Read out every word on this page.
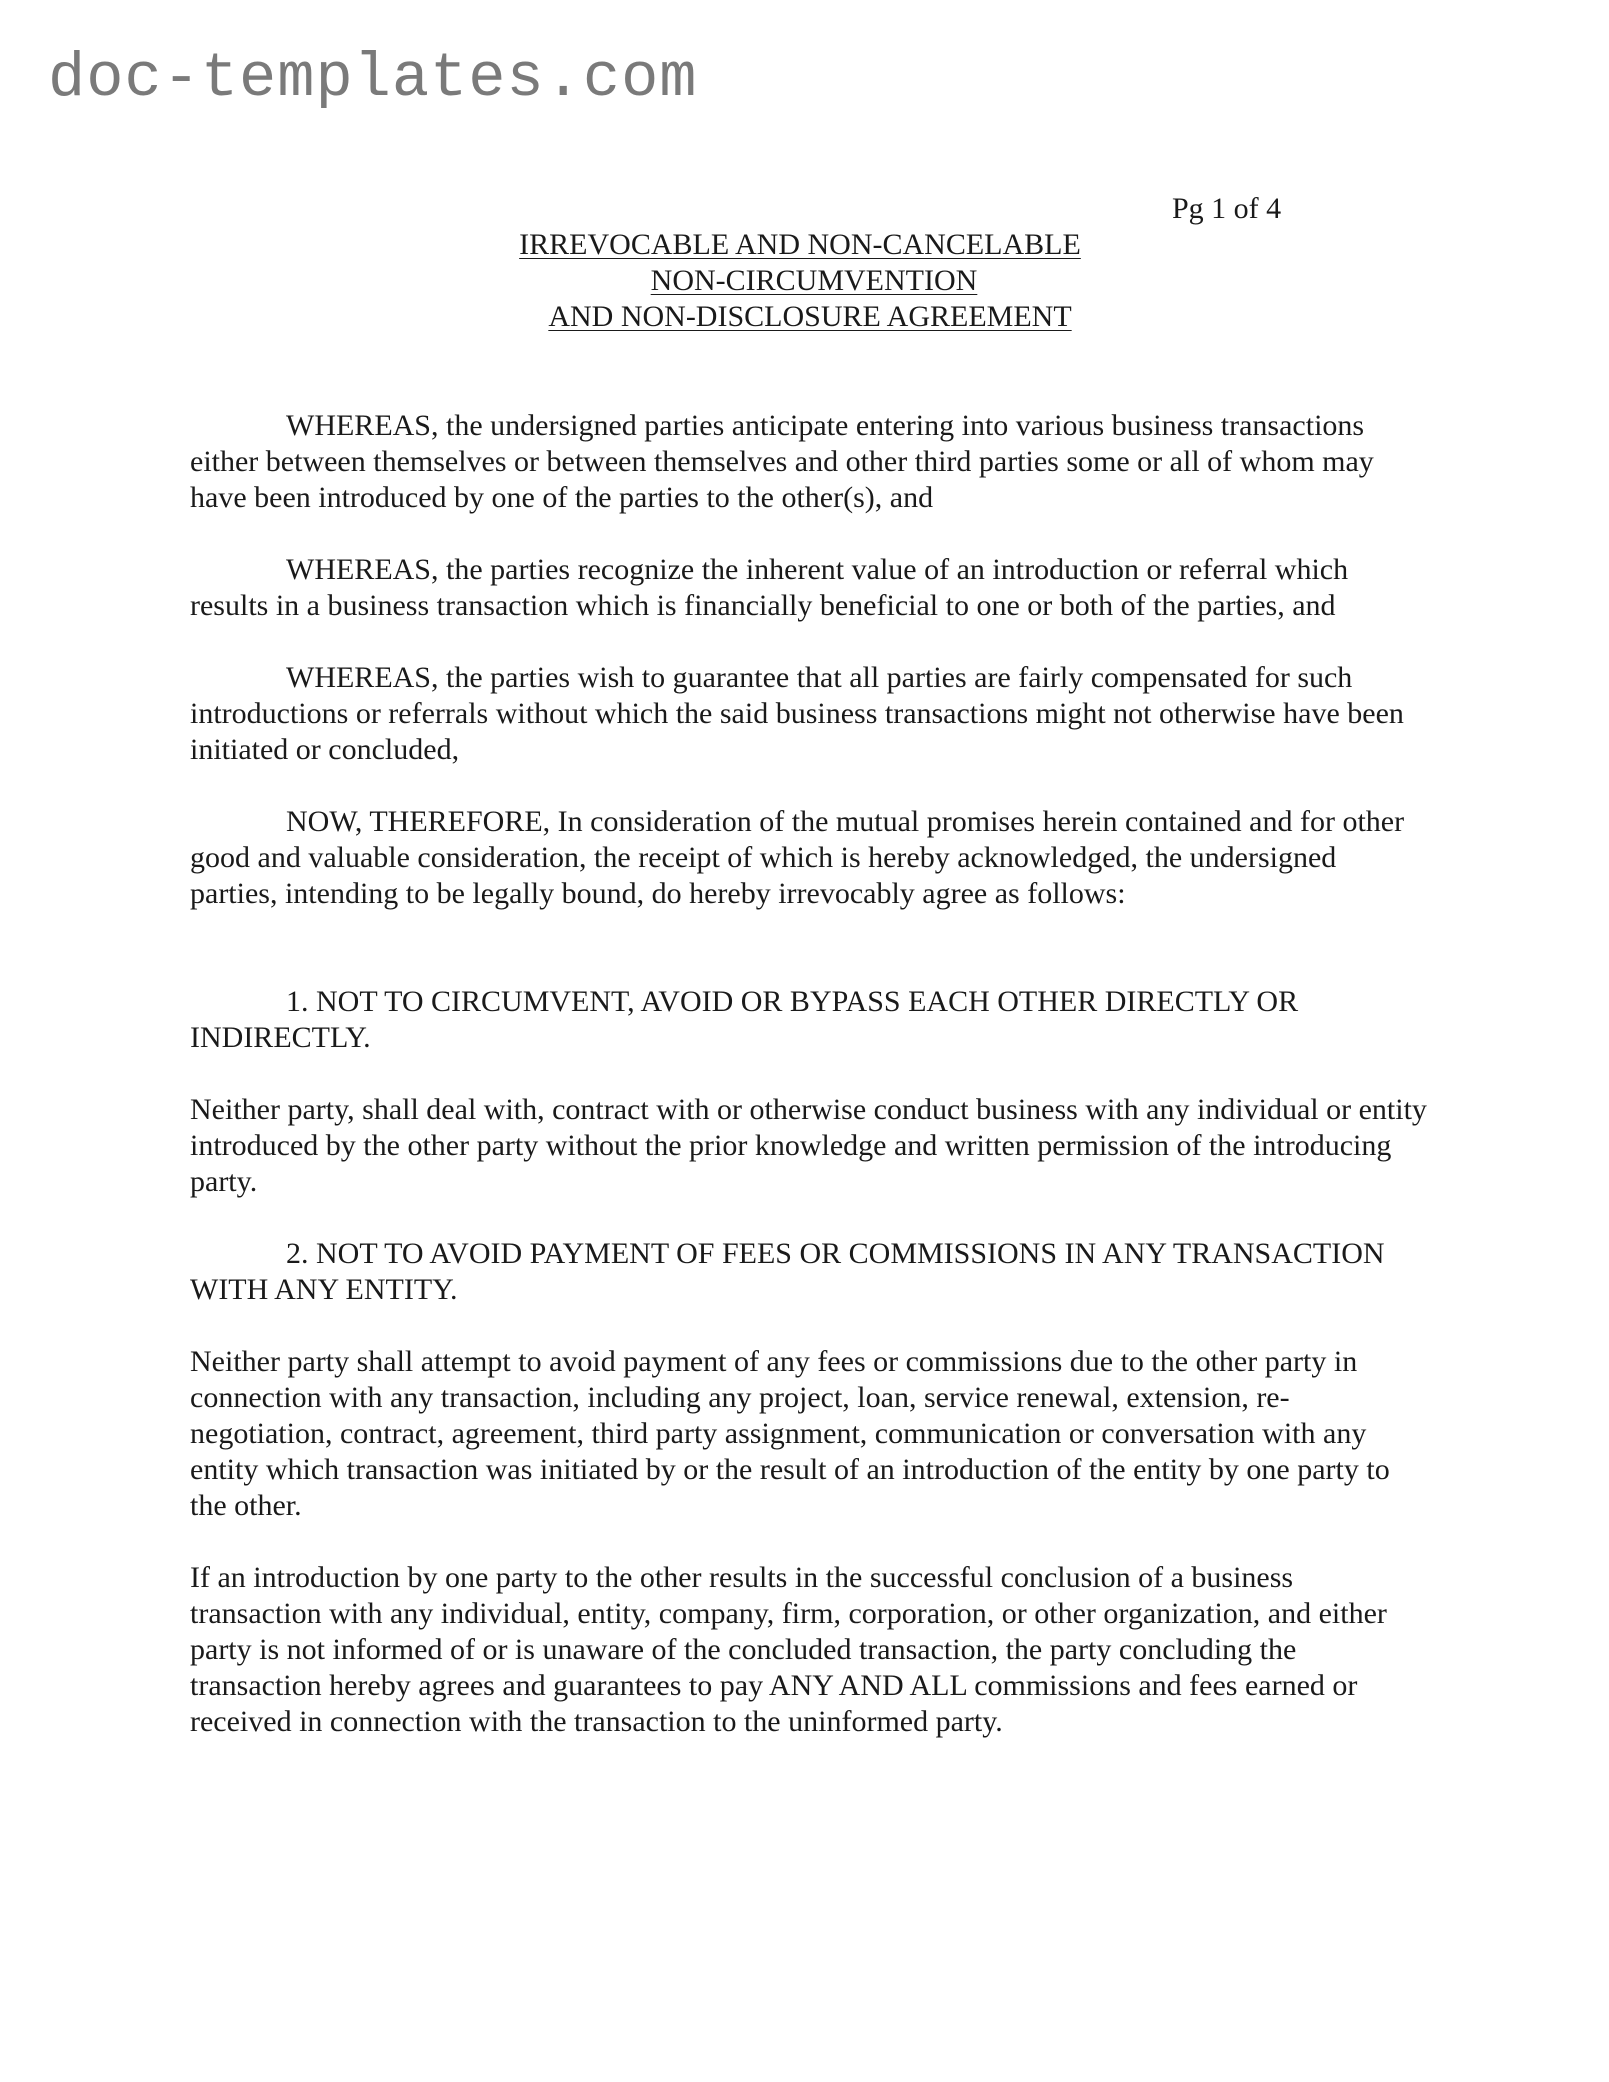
doc-templates.com
Pg 1 of 4

IRREVOCABLE AND NON-CANCELABLE

NON-CIRCUMVENTION

AND NON-DISCLOSURE AGREEMENT

WHEREAS, the undersigned parties anticipate entering into various business transactions either between themselves or between themselves and other third parties some or all of whom may have been introduced by one of the parties to the other(s), and

WHEREAS, the parties recognize the inherent value of an introduction or referral which results in a business transaction which is financially beneficial to one or both of the parties, and

WHEREAS, the parties wish to guarantee that all parties are fairly compensated for such introductions or referrals without which the said business transactions might not otherwise have been initiated or concluded,

NOW, THEREFORE, In consideration of the mutual promises herein contained and for other good and valuable consideration, the receipt of which is hereby acknowledged, the undersigned parties, intending to be legally bound, do hereby irrevocably agree as follows:

1. NOT TO CIRCUMVENT, AVOID OR BYPASS EACH OTHER DIRECTLY OR INDIRECTLY.

Neither party, shall deal with, contract with or otherwise conduct business with any individual or entity introduced by the other party without the prior knowledge and written permission of the introducing party.

2. NOT TO AVOID PAYMENT OF FEES OR COMMISSIONS IN ANY TRANSACTION WITH ANY ENTITY.

Neither party shall attempt to avoid payment of any fees or commissions due to the other party in connection with any transaction, including any project, loan, service renewal, extension, re-negotiation, contract, agreement, third party assignment, communication or conversation with any entity which transaction was initiated by or the result of an introduction of the entity by one party to the other.

If an introduction by one party to the other results in the successful conclusion of a business transaction with any individual, entity, company, firm, corporation, or other organization, and either party is not informed of or is unaware of the concluded transaction, the party concluding the transaction hereby agrees and guarantees to pay ANY AND ALL commissions and fees earned or received in connection with the transaction to the uninformed party.
